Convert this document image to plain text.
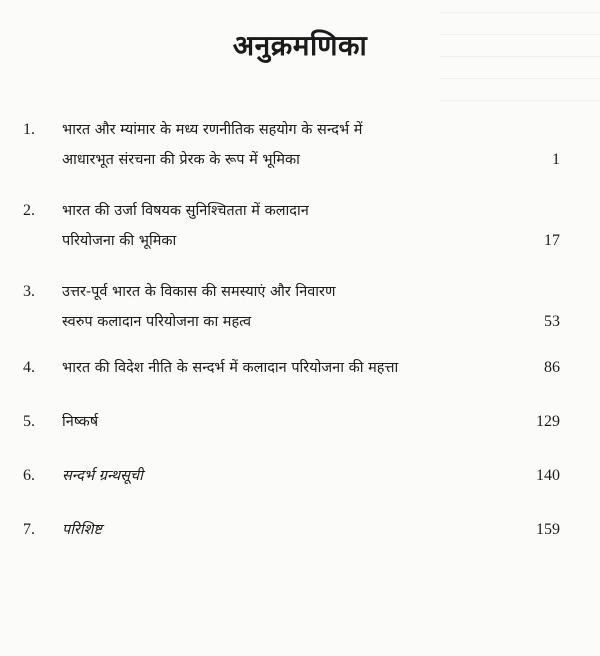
अनुक्रमणिका
1. भारत और म्यांमार के मध्य रणनीतिक सहयोग के सन्दर्भ में
आधारभूत संरचना की प्रेरक के रूप में भूमिका	1
2. भारत की उर्जा विषयक सुनिश्चितता में कलादान
परियोजना की भूमिका	17
3. उत्तर-पूर्व भारत के विकास की समस्याएं और निवारण
स्वरुप कलादान परियोजना का महत्व	53
4. भारत की विदेश नीति के सन्दर्भ में कलादान परियोजना की महत्ता	86
5. निष्कर्ष	129
6. सन्दर्भ ग्रन्थसूची	140
7. परिशिष्ट	159
